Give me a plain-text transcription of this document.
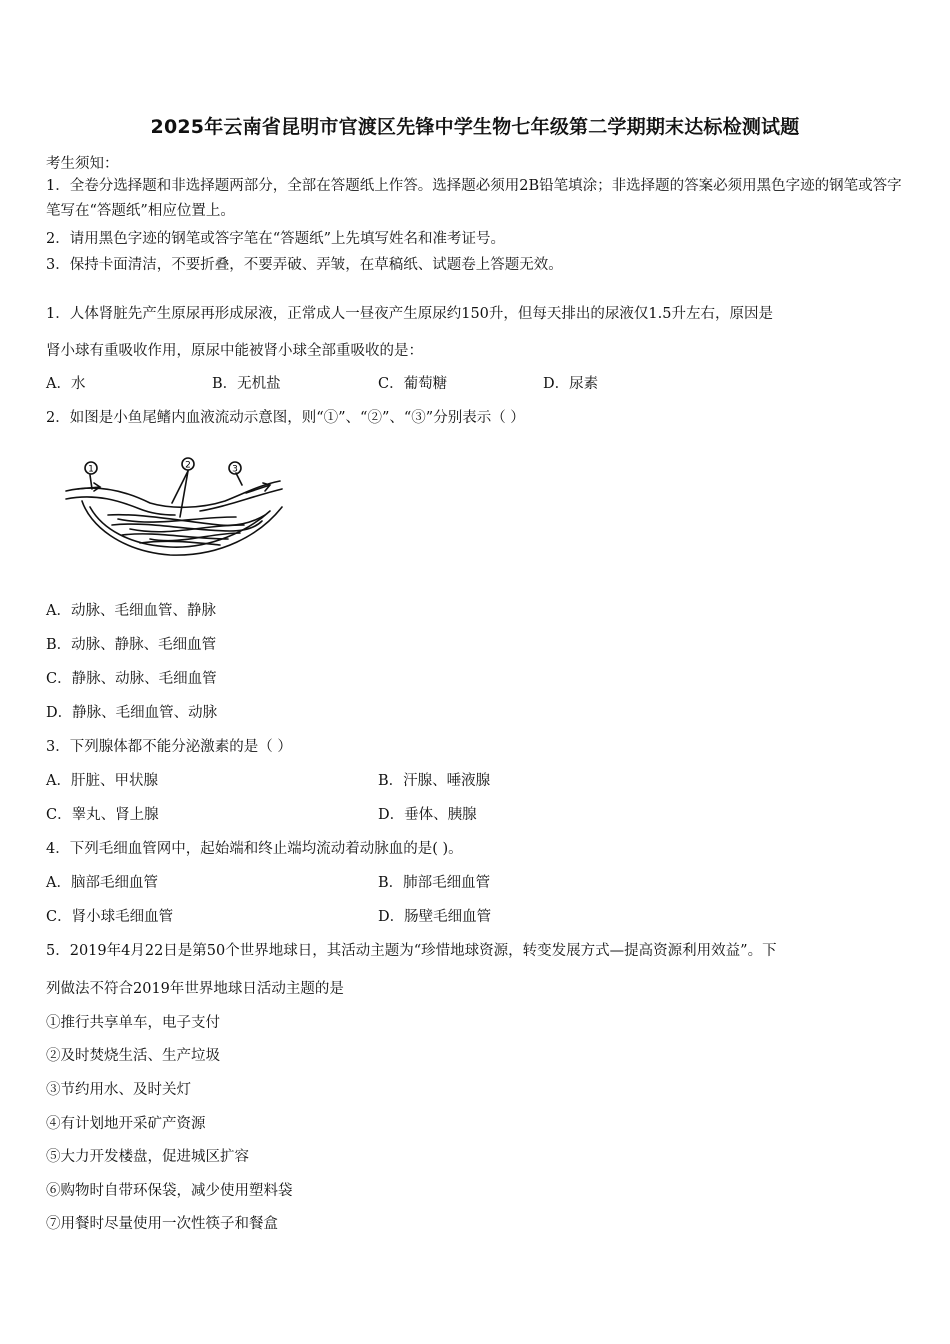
2025年云南省昆明市官渡区先锋中学生物七年级第二学期期末达标检测试题
考生须知：
1．全卷分选择题和非选择题两部分，全部在答题纸上作答。选择题必须用2B铅笔填涂；非选择题的答案必须用黑色字迹的钢笔或答字笔写在“答题纸”相应位置上。
2．请用黑色字迹的钢笔或答字笔在“答题纸”上先填写姓名和准考证号。
3．保持卡面清洁，不要折叠，不要弄破、弄皱，在草稿纸、试题卷上答题无效。
1．人体肾脏先产生原尿再形成尿液，正常成人一昼夜产生原尿约150升，但每天排出的尿液仅1.5升左右，原因是
肾小球有重吸收作用，原尿中能被肾小球全部重吸收的是：
A．水	B．无机盐	C．葡萄糖	D．尿素
2．如图是小鱼尾鳍内血液流动示意图，则“①”、“②”、“③”分别表示（ ）
1	2	3
A．动脉、毛细血管、静脉
B．动脉、静脉、毛细血管
C．静脉、动脉、毛细血管
D．静脉、毛细血管、动脉
3．下列腺体都不能分泌激素的是（ ）
A．肝脏、甲状腺	B．汗腺、唾液腺
C．睾丸、肾上腺	D．垂体、胰腺
4．下列毛细血管网中，起始端和终止端均流动着动脉血的是( )。
A．脑部毛细血管	B．肺部毛细血管
C．肾小球毛细血管	D．肠壁毛细血管
5．2019年4月22日是第50个世界地球日，其活动主题为“珍惜地球资源，转变发展方式—提高资源利用效益”。下
列做法不符合2019年世界地球日活动主题的是
①推行共享单车，电子支付
②及时焚烧生活、生产垃圾
③节约用水、及时关灯
④有计划地开采矿产资源
⑤大力开发楼盘，促进城区扩容
⑥购物时自带环保袋，减少使用塑料袋
⑦用餐时尽量使用一次性筷子和餐盒
